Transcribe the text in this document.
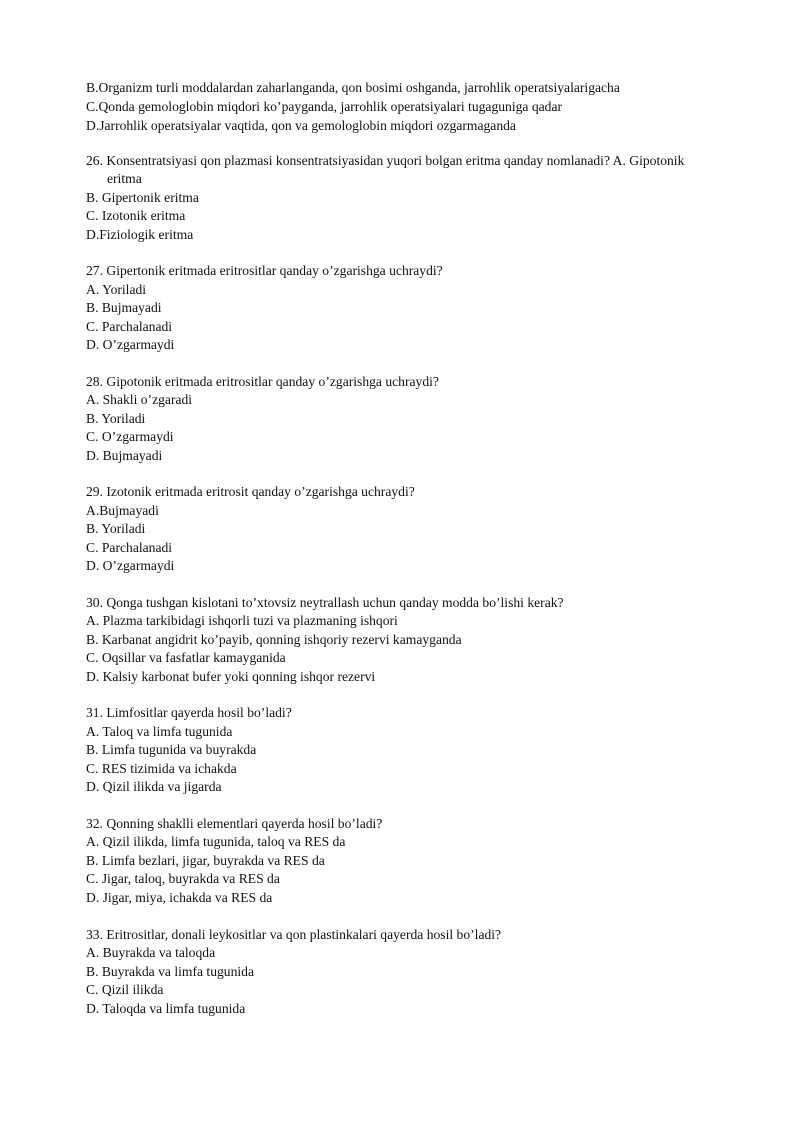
B.Organizm turli moddalardan zaharlanganda, qon bosimi oshganda, jarrohlik operatsiyalarigacha
C.Qonda gemologlobin miqdori ko’payganda, jarrohlik operatsiyalari tugaguniga qadar
D.Jarrohlik operatsiyalar vaqtida, qon va gemologlobin miqdori ozgarmaganda
26. Konsentratsiyasi qon plazmasi konsentratsiyasidan yuqori bolgan eritma qanday nomlanadi? A. Gipotonik
eritma
B. Gipertonik eritma
C. Izotonik eritma
D.Fiziologik eritma
27. Gipertonik eritmada eritrositlar qanday o’zgarishga uchraydi?
A. Yoriladi
B. Bujmayadi
C. Parchalanadi
D. O’zgarmaydi
28. Gipotonik eritmada eritrositlar qanday o’zgarishga uchraydi?
A. Shakli o’zgaradi
B. Yoriladi
C. O’zgarmaydi
D. Bujmayadi
29. Izotonik eritmada eritrosit qanday o’zgarishga uchraydi?
A.Bujmayadi
B. Yoriladi
C. Parchalanadi
D. O’zgarmaydi
30. Qonga tushgan kislotani to’xtovsiz neytrallash uchun qanday modda bo’lishi kerak?
A. Plazma tarkibidagi ishqorli tuzi va plazmaning ishqori
B. Karbanat angidrit ko’payib, qonning ishqoriy rezervi kamayganda
C. Oqsillar va fasfatlar kamayganida
D. Kalsiy karbonat bufer yoki qonning ishqor rezervi
31. Limfositlar qayerda hosil bo’ladi?
A. Taloq va limfa tugunida
B. Limfa tugunida va buyrakda
C. RES tizimida va ichakda
D. Qizil ilikda va jigarda
32. Qonning shaklli elementlari qayerda hosil bo’ladi?
A. Qizil ilikda, limfa tugunida, taloq va RES da
B. Limfa bezlari, jigar, buyrakda va RES da
C. Jigar, taloq, buyrakda va RES da
D. Jigar, miya, ichakda va RES da
33. Eritrositlar, donali leykositlar va qon plastinkalari qayerda hosil bo’ladi?
A. Buyrakda va taloqda
B. Buyrakda va limfa tugunida
C. Qizil ilikda
D. Taloqda va limfa tugunida
